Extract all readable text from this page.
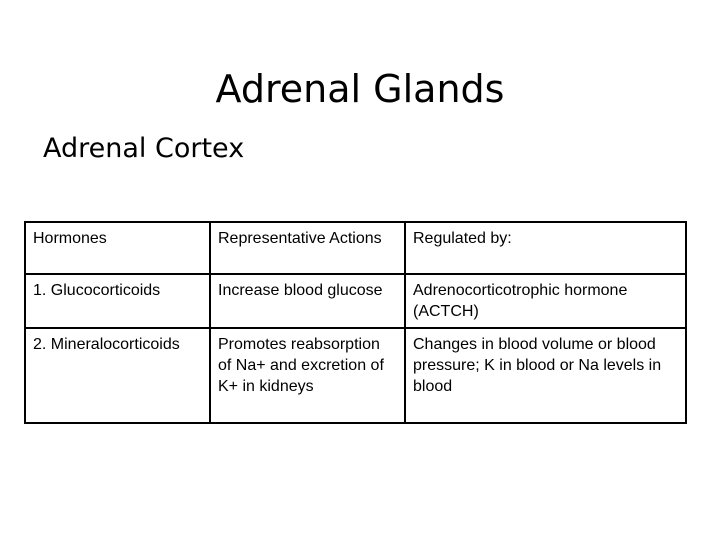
Adrenal Glands
Adrenal Cortex
Hormones	Representative Actions	Regulated by:
1. Glucocorticoids	Increase blood glucose	Adrenocorticotrophic hormone (ACTCH)
2. Mineralocorticoids	Promotes reabsorption of Na+ and excretion of K+ in kidneys	Changes in blood volume or blood pressure; K in blood or Na levels in blood
